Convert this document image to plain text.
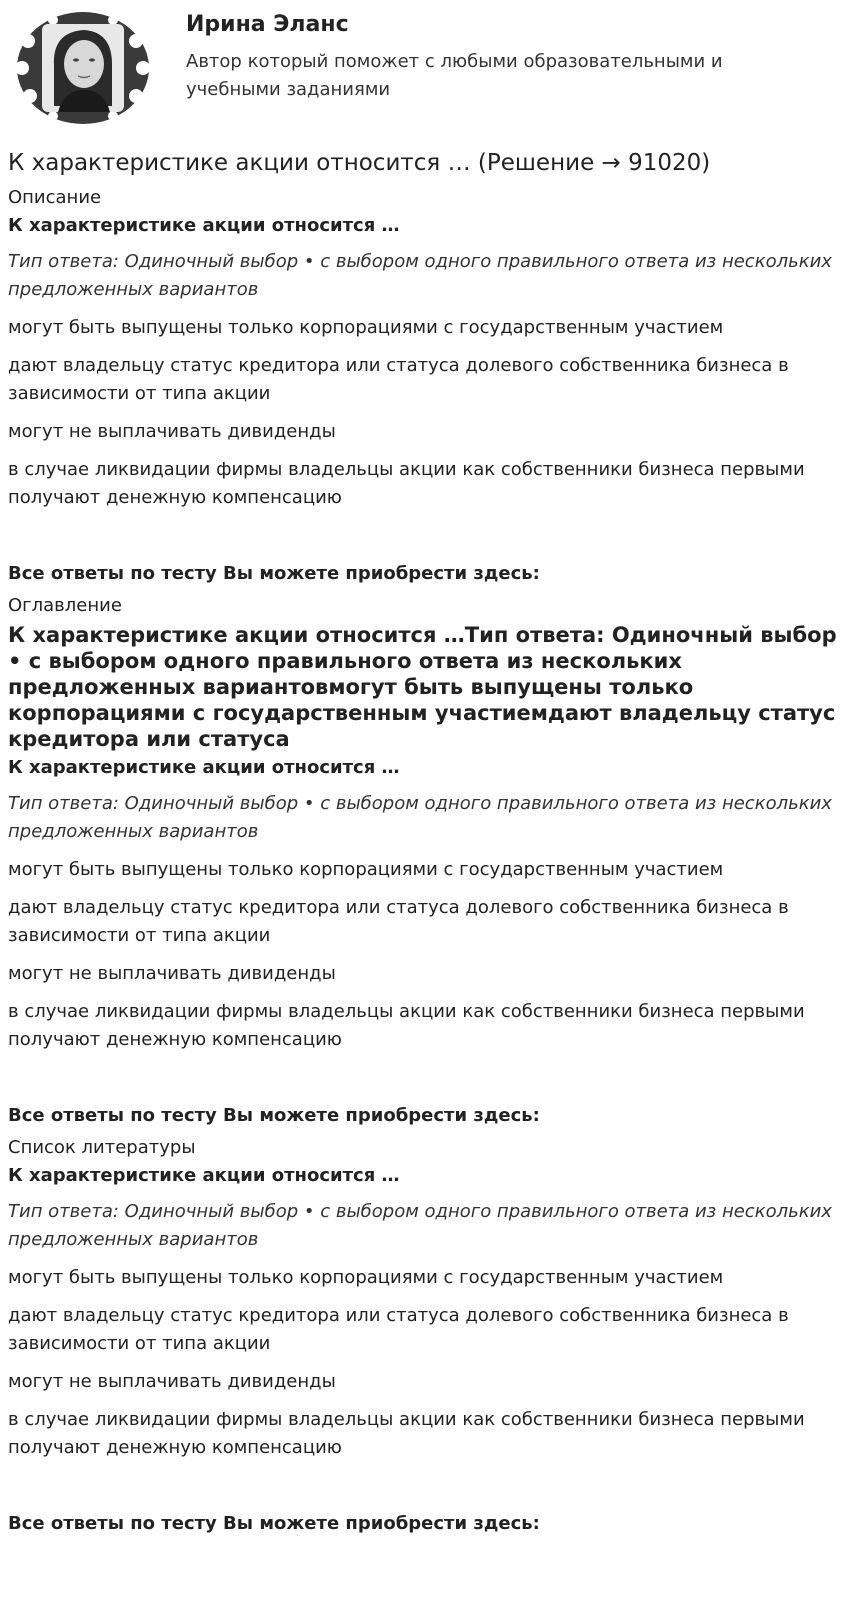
Ирина Эланс

Автор который поможет с любыми образовательными и учебными заданиями

К характеристике акции относится … (Решение → 91020)

Описание

К характеристике акции относится …

Тип ответа: Одиночный выбор • с выбором одного правильного ответа из нескольких предложенных вариантов

могут быть выпущены только корпорациями с государственным участием

дают владельцу статус кредитора или статуса долевого собственника бизнеса в зависимости от типа акции

могут не выплачивать дивиденды

в случае ликвидации фирмы владельцы акции как собственники бизнеса первыми получают денежную компенсацию

Все ответы по тесту Вы можете приобрести здесь:

Оглавление

К характеристике акции относится …Тип ответа: Одиночный выбор • с выбором одного правильного ответа из нескольких предложенных вариантовмогут быть выпущены только корпорациями с государственным участиемдают владельцу статус кредитора или статуса

К характеристике акции относится …

Тип ответа: Одиночный выбор • с выбором одного правильного ответа из нескольких предложенных вариантов

могут быть выпущены только корпорациями с государственным участием

дают владельцу статус кредитора или статуса долевого собственника бизнеса в зависимости от типа акции

могут не выплачивать дивиденды

в случае ликвидации фирмы владельцы акции как собственники бизнеса первыми получают денежную компенсацию

Все ответы по тесту Вы можете приобрести здесь:

Список литературы

К характеристике акции относится …

Тип ответа: Одиночный выбор • с выбором одного правильного ответа из нескольких предложенных вариантов

могут быть выпущены только корпорациями с государственным участием

дают владельцу статус кредитора или статуса долевого собственника бизнеса в зависимости от типа акции

могут не выплачивать дивиденды

в случае ликвидации фирмы владельцы акции как собственники бизнеса первыми получают денежную компенсацию

Все ответы по тесту Вы можете приобрести здесь:
